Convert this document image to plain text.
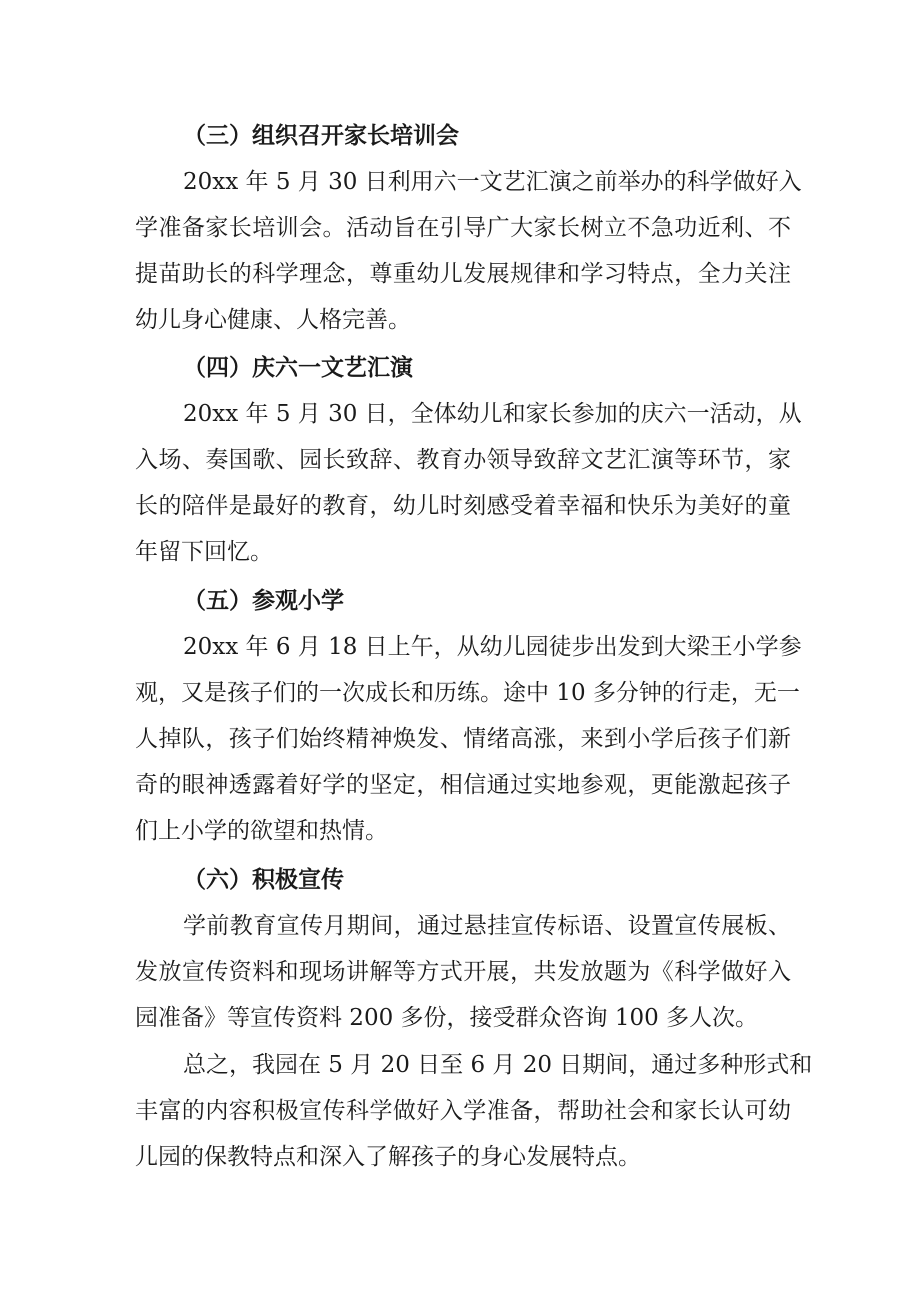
（三）组织召开家长培训会

20xx 年 5 月 30 日利用六一文艺汇演之前举办的科学做好入
学准备家长培训会。活动旨在引导广大家长树立不急功近利、不
提苗助长的科学理念，尊重幼儿发展规律和学习特点，全力关注
幼儿身心健康、人格完善。

（四）庆六一文艺汇演

20xx 年 5 月 30 日，全体幼儿和家长参加的庆六一活动，从
入场、奏国歌、园长致辞、教育办领导致辞文艺汇演等环节，家
长的陪伴是最好的教育，幼儿时刻感受着幸福和快乐为美好的童
年留下回忆。

（五）参观小学

20xx 年 6 月 18 日上午，从幼儿园徒步出发到大梁王小学参
观，又是孩子们的一次成长和历练。途中 10 多分钟的行走，无一
人掉队，孩子们始终精神焕发、情绪高涨，来到小学后孩子们新
奇的眼神透露着好学的坚定，相信通过实地参观，更能激起孩子
们上小学的欲望和热情。

（六）积极宣传

学前教育宣传月期间，通过悬挂宣传标语、设置宣传展板、
发放宣传资料和现场讲解等方式开展，共发放题为《科学做好入
园准备》等宣传资料 200 多份，接受群众咨询 100 多人次。

总之，我园在 5 月 20 日至 6 月 20 日期间，通过多种形式和
丰富的内容积极宣传科学做好入学准备，帮助社会和家长认可幼
儿园的保教特点和深入了解孩子的身心发展特点。
